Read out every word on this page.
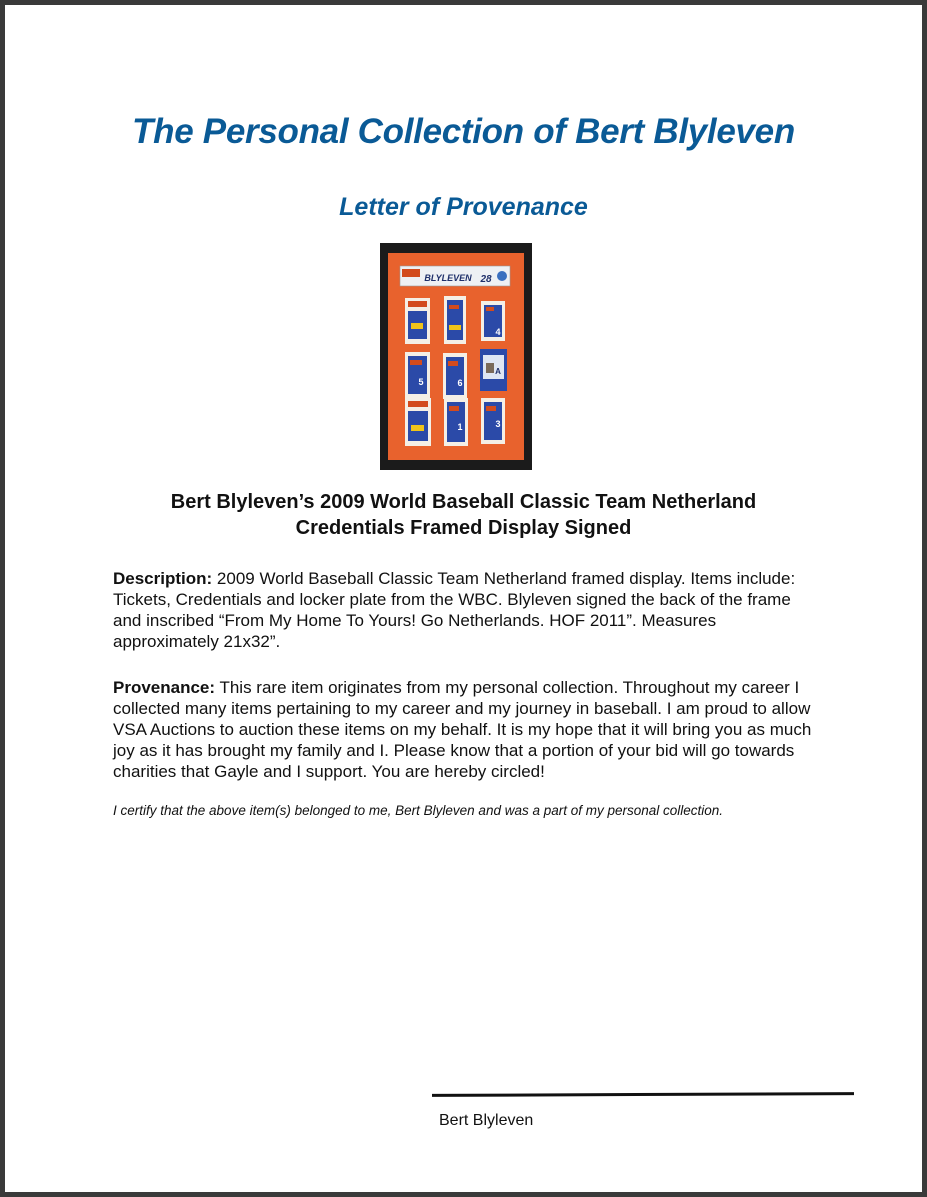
The Personal Collection of Bert Blyleven
Letter of Provenance
BLYLEVEN 28
4
5	6
A
1	3
Bert Blyleven’s 2009 World Baseball Classic Team Netherland
Credentials Framed Display Signed

Description: 2009 World Baseball Classic Team Netherland framed display. Items include: Tickets, Credentials and locker plate from the WBC. Blyleven signed the back of the frame and inscribed “From My Home To Yours! Go Netherlands. HOF 2011”. Measures approximately 21x32”.

Provenance: This rare item originates from my personal collection. Throughout my career I collected many items pertaining to my career and my journey in baseball. I am proud to allow VSA Auctions to auction these items on my behalf. It is my hope that it will bring you as much joy as it has brought my family and I. Please know that a portion of your bid will go towards charities that Gayle and I support. You are hereby circled!

I certify that the above item(s) belonged to me, Bert Blyleven and was a part of my personal collection.

Bert Blyleven
